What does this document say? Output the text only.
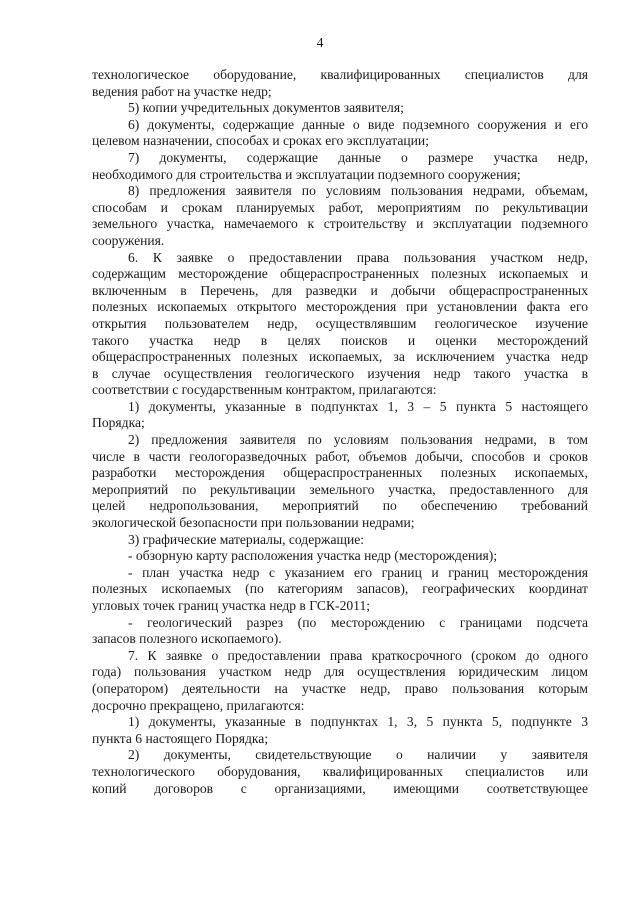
4
технологическое оборудование, квалифицированных специалистов для
ведения работ на участке недр;
5) копии учредительных документов заявителя;
6) документы, содержащие данные о виде подземного сооружения и его
целевом назначении, способах и сроках его эксплуатации;
7) документы, содержащие данные о размере участка недр,
необходимого для строительства и эксплуатации подземного сооружения;
8) предложения заявителя по условиям пользования недрами, объемам,
способам и срокам планируемых работ, мероприятиям по рекультивации
земельного участка, намечаемого к строительству и эксплуатации подземного
сооружения.
6. К заявке о предоставлении права пользования участком недр,
содержащим месторождение общераспространенных полезных ископаемых и
включенным в Перечень, для разведки и добычи общераспространенных
полезных ископаемых открытого месторождения при установлении факта его
открытия пользователем недр, осуществлявшим геологическое изучение
такого участка недр в целях поисков и оценки месторождений
общераспространенных полезных ископаемых, за исключением участка недр
в случае осуществления геологического изучения недр такого участка в
соответствии с государственным контрактом, прилагаются:
1) документы, указанные в подпунктах 1, 3 – 5 пункта 5 настоящего
Порядка;
2) предложения заявителя по условиям пользования недрами, в том
числе в части геологоразведочных работ, объемов добычи, способов и сроков
разработки месторождения общераспространенных полезных ископаемых,
мероприятий по рекультивации земельного участка, предоставленного для
целей недропользования, мероприятий по обеспечению требований
экологической безопасности при пользовании недрами;
3) графические материалы, содержащие:
- обзорную карту расположения участка недр (месторождения);
- план участка недр с указанием его границ и границ месторождения
полезных ископаемых (по категориям запасов), географических координат
угловых точек границ участка недр в ГСК-2011;
- геологический разрез (по месторождению с границами подсчета
запасов полезного ископаемого).
7. К заявке о предоставлении права краткосрочного (сроком до одного
года) пользования участком недр для осуществления юридическим лицом
(оператором) деятельности на участке недр, право пользования которым
досрочно прекращено, прилагаются:
1) документы, указанные в подпунктах 1, 3, 5 пункта 5, подпункте 3
пункта 6 настоящего Порядка;
2) документы, свидетельствующие о наличии у заявителя
технологического оборудования, квалифицированных специалистов или
копий договоров с организациями, имеющими соответствующее
